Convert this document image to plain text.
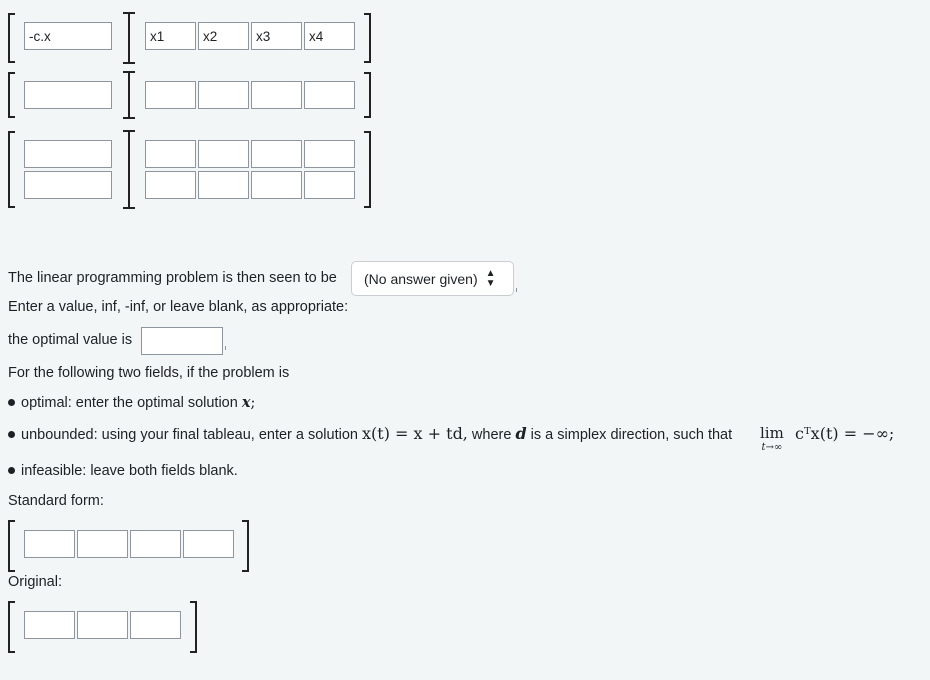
-c.x
x1
x2
x3
x4
The linear programming problem is then seen to be (No answer given) ▲
▼
Enter a value, inf, -inf, or leave blank, as appropriate:
the optimal value is
For the following two fields, if the problem is
optimal: enter the optimal solution x;
unbounded: using your final tableau, enter a solution x(t) = x + td, where d is a simplex direction, such that lim
t→∞
cᵀx(t) = −∞;
infeasible: leave both fields blank.
Standard form:
Original:
